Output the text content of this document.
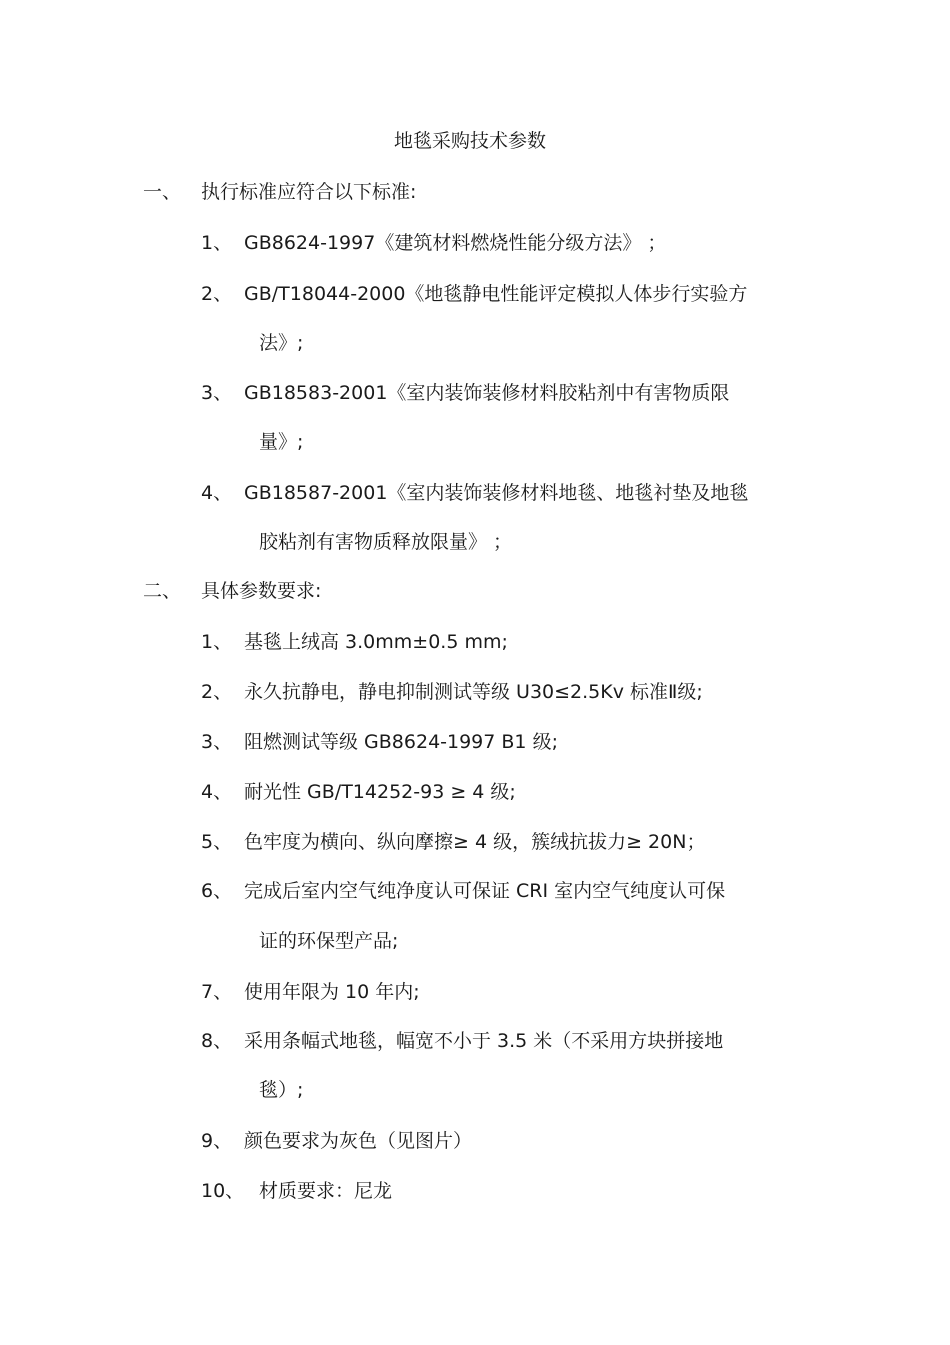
地毯采购技术参数
一、 执行标准应符合以下标准:
1、 GB8624-1997《建筑材料燃烧性能分级方法》 ；
2、 GB/T18044-2000《地毯静电性能评定模拟人体步行实验方
法》;
3、 GB18583-2001《室内装饰装修材料胶粘剂中有害物质限
量》;
4、 GB18587-2001《室内装饰装修材料地毯、地毯衬垫及地毯
胶粘剂有害物质释放限量》 ；
二、 具体参数要求:
1、 基毯上绒高 3.0mm±0.5 mm;
2、 永久抗静电，静电抑制测试等级 U30≤2.5Kv 标准Ⅱ级;
3、 阻燃测试等级 GB8624-1997 B1 级;
4、 耐光性 GB/T14252-93 ≥ 4 级;
5、 色牢度为横向、纵向摩擦≥ 4 级，簇绒抗拔力≥ 20N；
6、 完成后室内空气纯净度认可保证 CRI 室内空气纯度认可保
证的环保型产品;
7、 使用年限为 10 年内;
8、 采用条幅式地毯，幅宽不小于 3.5 米（不采用方块拼接地
毯）;
9、 颜色要求为灰色（见图片）
10、 材质要求：尼龙
